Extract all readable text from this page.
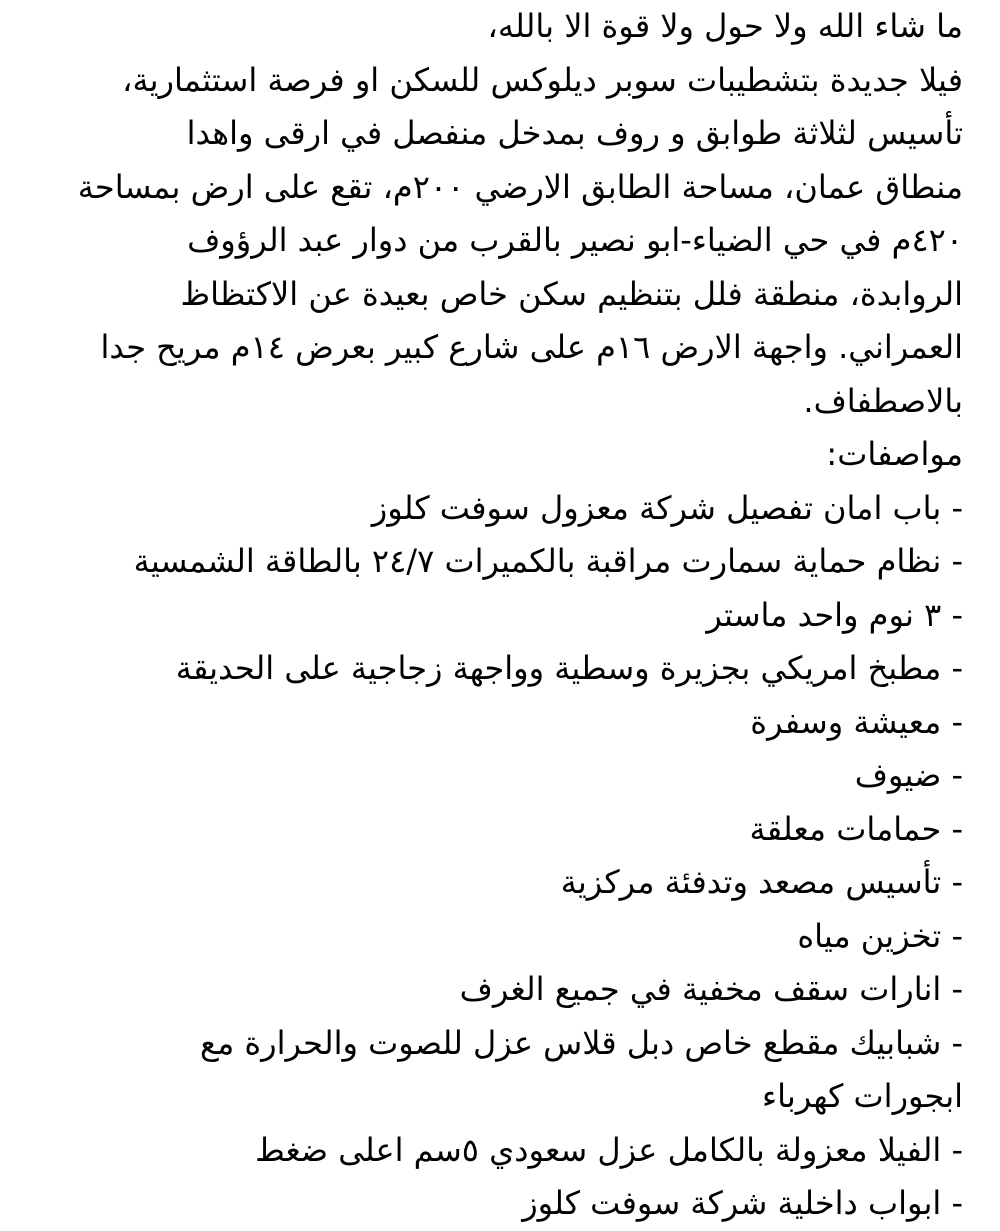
ما شاء الله ولا حول ولا قوة الا بالله،
فيلا جديدة بتشطيبات سوبر ديلوكس للسكن او فرصة استثمارية،
تأسيس لثلاثة طوابق و روف بمدخل منفصل في ارقى واهدا
منطاق عمان، مساحة الطابق الارضي ٢٠٠م، تقع على ارض بمساحة
٤٢٠م في حي الضياء-ابو نصير بالقرب من دوار عبد الرؤوف
الروابدة، منطقة فلل بتنظيم سكن خاص بعيدة عن الاكتظاظ
العمراني. واجهة الارض ١٦م على شارع كبير بعرض ١٤م مريح جدا
بالاصطفاف.
مواصفات:
- باب امان تفصيل شركة معزول سوفت كلوز
- نظام حماية سمارت مراقبة بالكميرات ٢٤/٧ بالطاقة الشمسية
- ٣ نوم واحد ماستر
- مطبخ امريكي بجزيرة وسطية وواجهة زجاجية على الحديقة
- معيشة وسفرة
- ضيوف
- حمامات معلقة
- تأسيس مصعد وتدفئة مركزية
- تخزين مياه
- انارات سقف مخفية في جميع الغرف
- شبابيك مقطع خاص دبل قلاس عزل للصوت والحرارة مع
ابجورات كهرباء
- الفيلا معزولة بالكامل عزل سعودي ٥سم اعلى ضغط
- ابواب داخلية شركة سوفت كلوز
